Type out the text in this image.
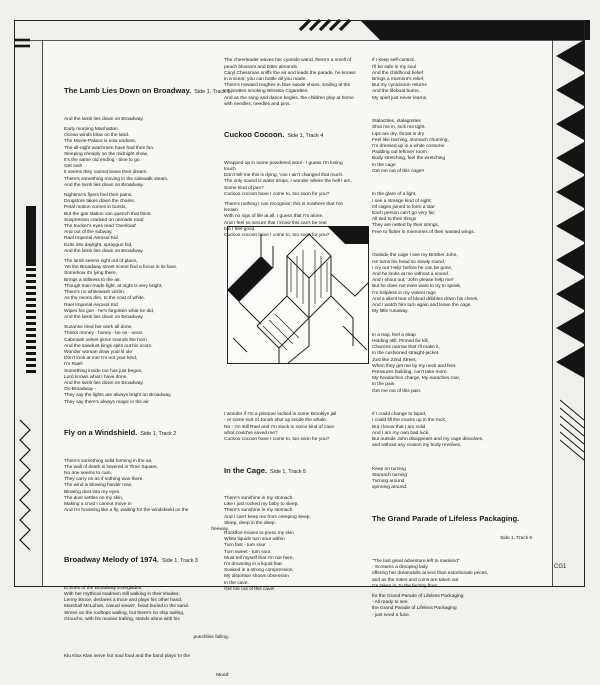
The Lamb Lies Down on Broadway. Side 1, Track 1

And the lamb lies down on Broadway.

Early morning Manhattan,
Ocean winds blow on the land.
The Movie-Palace is now undone,
The all-night watchmen have had their fun.
Sleeping cheaply on the midnight show,
It's the same old ending - time to go.
Get out!!
It seems they cannot leave their dream.
There's something moving in the sidewalk steam,
And the lamb lies down on Broadway.

Nightime's flyers feel their pains.
Drugstore takes down the chains.
Petal motion comes in bursts,
But the gas station can quench that thirst.
Suspension cracked on unmade road
The trucker's eyes read 'Overload'
And out of the subway,
Rael Imperial Aerosol Kid
Exits into daylight, spraygun hid,
And the lamb lies down on Broadway.

The lamb seems right out of place,
Yet the Broadway street scene find a focus in its face.
Somehow it's lying there,
Brings a stillness to the air.
Though man-made light, at night is very bright,
There's no whitewash victim,
As the neons dim, to the coat of white.
Rael Imperial Aerosol Kid
Wipes his gun - he's forgotten what he did,
And the lamb lies down on Broadway.

Suzanne tired her work all done,
Thinks money - honey - be on - neon.
Cabmank velvet glove sounds the horn
And the sawdust kings spits out his scorn.
Wonder woman draw your lil ole'
Don't look at me! I'm not your kind,
I'm Rael!
Something inside me has just begun,
Lord knows what I have done,
And the lamb lies down on Broadway.
On Broadway -
They say the lights are always bright on Broadway,
They say there's always magic in the air.

Fly on a Windshield. Side 1, Track 2

There's something solid forming in the air,
The wall of death is lowered in Time Square,
No one seems to care,
They carry on as if nothing was there.
The wind is blowing harder now,
Blowing dust into my eyes.
The dust settles on my skin,
Making a crust I cannot move in
And I'm hovering like a fly, waiting for the windshield on the

freeway.

Broadway Melody of 1974. Side 1, Track 3

Echoes of the Broadway Everglades,
With her mythical madmen still walking in their shades:
Lenny Bruce, declares a truce and plays his other hand,
Marshall McLuhan, casual viewin', head buried in the sand.
Sirens on the rooftops wailing, but there's no ship sailing,
Groucho, with his movies trailing, stands alone with his

punchline failing.

Klu Klux Klan serve hot soul food and the band plays 'In the

Mood'

The cheerleader waves her cyanide wand, there's a smell of
peach blossom and bitter almonds.
Caryl Chessman sniffs the air and leads the parade, he knows
in a scent, you can bottle all you made.
There's Howard Hughes in blue suede shoes, smiling at the
majorettes smoking Winston Cigarettes.
And as the song and dance begins, the children play at home
with needles; needles and pins.

Cuckoo Cocoon. Side 1, Track 4

Wrapped up in some powdered wool - I guess I'm losing
touch
Don't tell me this is dying, 'cos I ain't changed that much.
The only sound is water drops, I wonder where the hell I am,
Some kind of jam?
Cuckoo cocoon have I come to, too soon for you?

There's nothing I can recognise; this is nowhere that I've
known.
With no sign of life at all, I guess that I'm alone.
And I feel so secure that I know this can't be real
but I feel good.
Cuckoo cocoon have I come to, too soon for you?

I wonder if I'm a prisoner locked in some Brooklyn jail
- or some sort of Jonah shut up inside the whale.
No - I'm still Rael and I'm stuck in some kind of cave
what could've saved me?
Cuckoo cocoon have I come to, too soon for you?

In the Cage. Side 1, Track 5

There's sunshine in my stomach
Like I just rocked my baby to sleep,
There's sunshine in my stomach
And I can't keep me from creeping sleep,
Sleep, deep in the deep.

Rockfloe moves to press my skin
White liquids turn sour within
Turn fast - turn sour
Turn sweet - turn sour.
Must tell myself that I'm not here,
I'm drowning in a liquid fear.
Soaked in a strong compression,
My distortion shows obsession
In the cave.
Get me out of this cave!

If I keep self-control,
I'll be safe in my soul
And the childhood belief
Brings a moment's relief,
But my cynicisoon returns
And the lifeboat burns.
My spirit just never learns.

Stalactites, stalagmites
Shut me in, lock me tight.
Lips are dry, throat is dry
Feel like burning, stomach churning,
I'm dressed up in a white costume
Padding out leftover room.
Body stretching, feel the wretching
In the cage
Get me out of this cage!!

In the glare of a light,
I see a strange kind of sight;
Of cages joined to form a star
Each person can't go very far;
All tied to their things
They are netted by their strings,
Free to flutter in memories of their wasted wings.

Outside the cage I see my Brother John,
He turns his head so slowly round,
I cry out 'Help' before he can be gone,
And he looks at me without a sound.
And I shout out, 'John please help me!'
But he does not even want to try to speak,
I'm helpless in my violent rage
And a silent tear of blood dribbles down his cheek,
And I watch him turn again and leave the cage.
My little runaway.

In a trap, feel a strap
Holding still, Pinned for kill,
Chances narrow that I'll make it,
In the cushioned straight-jacket.
Just like 22nd Street,
When they get me by my neck and feet.
Pressures building, can't take more.
My headaches charge, My earaches roar,
In the pain
Get me out of this pain.

If I could change to liquid,
I could fill the cracks up in the rock,
But I know that I am solid
And I am my own bad luck.
But outside John disappears and my cage dissolves,
and without any reason my body revolves.

Keep on turning
Stomach turning
Turning around
spinning around.

The Grand Parade of Lifeless Packaging.

Side 1, Track 6

"The last great adventure left to mankind"
- Screams a drooping lady
offering her dreamdolls at less than extortionate prices,
and as the notes and coins are taken out
I'm taken in, to the factory floor.

for the Grand Parade of Lifeless Packaging
- All ready to see
the Grand Parade of Lifeless Packaging
- just need a fuse.

CG1
